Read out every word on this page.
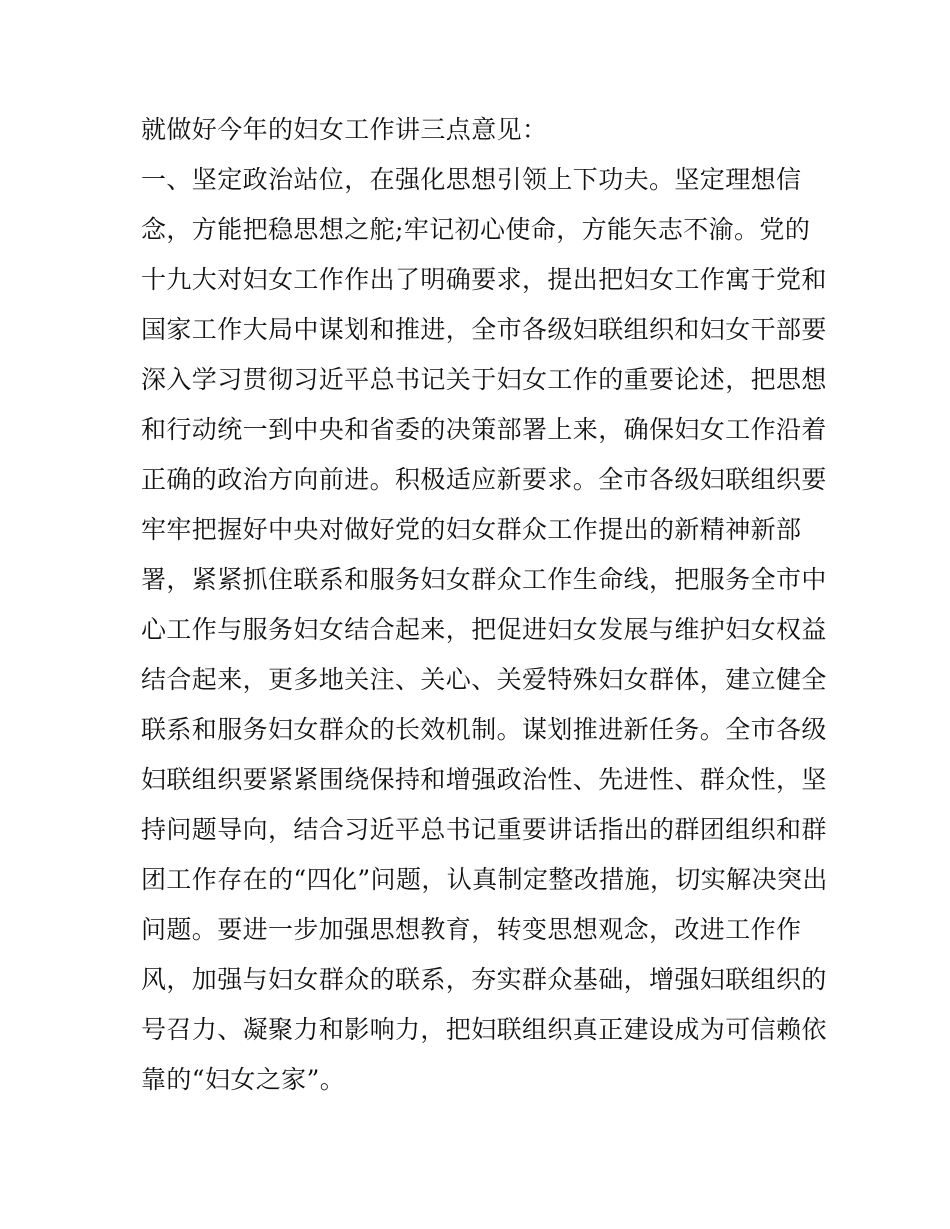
就做好今年的妇女工作讲三点意见：
一、坚定政治站位，在强化思想引领上下功夫。坚定理想信
念，方能把稳思想之舵;牢记初心使命，方能矢志不渝。党的
十九大对妇女工作作出了明确要求，提出把妇女工作寓于党和
国家工作大局中谋划和推进，全市各级妇联组织和妇女干部要
深入学习贯彻习近平总书记关于妇女工作的重要论述，把思想
和行动统一到中央和省委的决策部署上来，确保妇女工作沿着
正确的政治方向前进。积极适应新要求。全市各级妇联组织要
牢牢把握好中央对做好党的妇女群众工作提出的新精神新部
署，紧紧抓住联系和服务妇女群众工作生命线，把服务全市中
心工作与服务妇女结合起来，把促进妇女发展与维护妇女权益
结合起来，更多地关注、关心、关爱特殊妇女群体，建立健全
联系和服务妇女群众的长效机制。谋划推进新任务。全市各级
妇联组织要紧紧围绕保持和增强政治性、先进性、群众性，坚
持问题导向，结合习近平总书记重要讲话指出的群团组织和群
团工作存在的“四化”问题，认真制定整改措施，切实解决突出
问题。要进一步加强思想教育，转变思想观念，改进工作作
风，加强与妇女群众的联系，夯实群众基础，增强妇联组织的
号召力、凝聚力和影响力，把妇联组织真正建设成为可信赖依
靠的“妇女之家”。
